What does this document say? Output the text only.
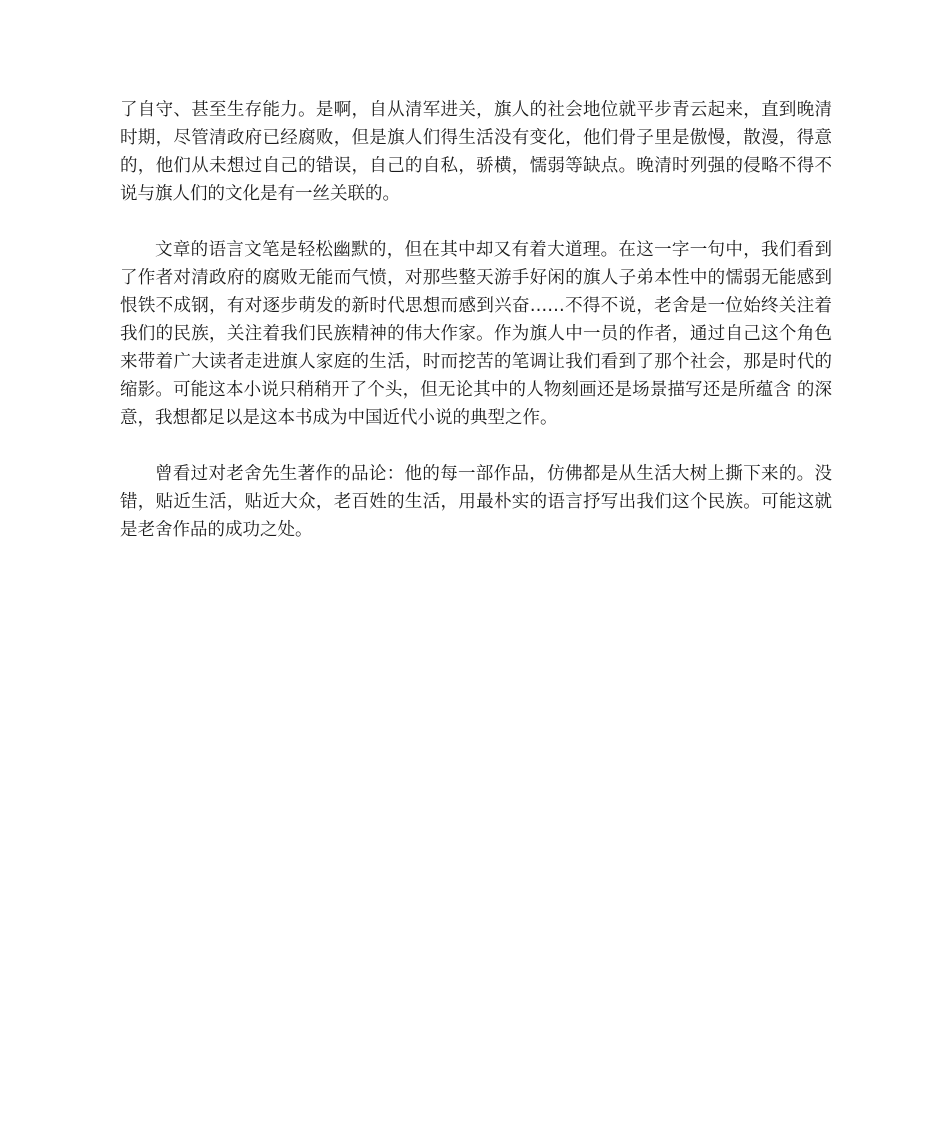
了自守、甚至生存能力。是啊，自从清军进关，旗人的社会地位就平步青云起来，直到晚清时期，尽管清政府已经腐败，但是旗人们得生活没有变化，他们骨子里是傲慢，散漫，得意的，他们从未想过自己的错误，自己的自私，骄横，懦弱等缺点。晚清时列强的侵略不得不说与旗人们的文化是有一丝关联的。

文章的语言文笔是轻松幽默的，但在其中却又有着大道理。在这一字一句中，我们看到了作者对清政府的腐败无能而气愤，对那些整天游手好闲的旗人子弟本性中的懦弱无能感到恨铁不成钢，有对逐步萌发的新时代思想而感到兴奋……不得不说，老舍是一位始终关注着我们的民族，关注着我们民族精神的伟大作家。作为旗人中一员的作者，通过自己这个角色来带着广大读者走进旗人家庭的生活，时而挖苦的笔调让我们看到了那个社会，那是时代的缩影。可能这本小说只稍稍开了个头，但无论其中的人物刻画还是场景描写还是所蕴含 的深意，我想都足以是这本书成为中国近代小说的典型之作。

曾看过对老舍先生著作的品论：他的每一部作品，仿佛都是从生活大树上撕下来的。没错，贴近生活，贴近大众，老百姓的生活，用最朴实的语言抒写出我们这个民族。可能这就是老舍作品的成功之处。
